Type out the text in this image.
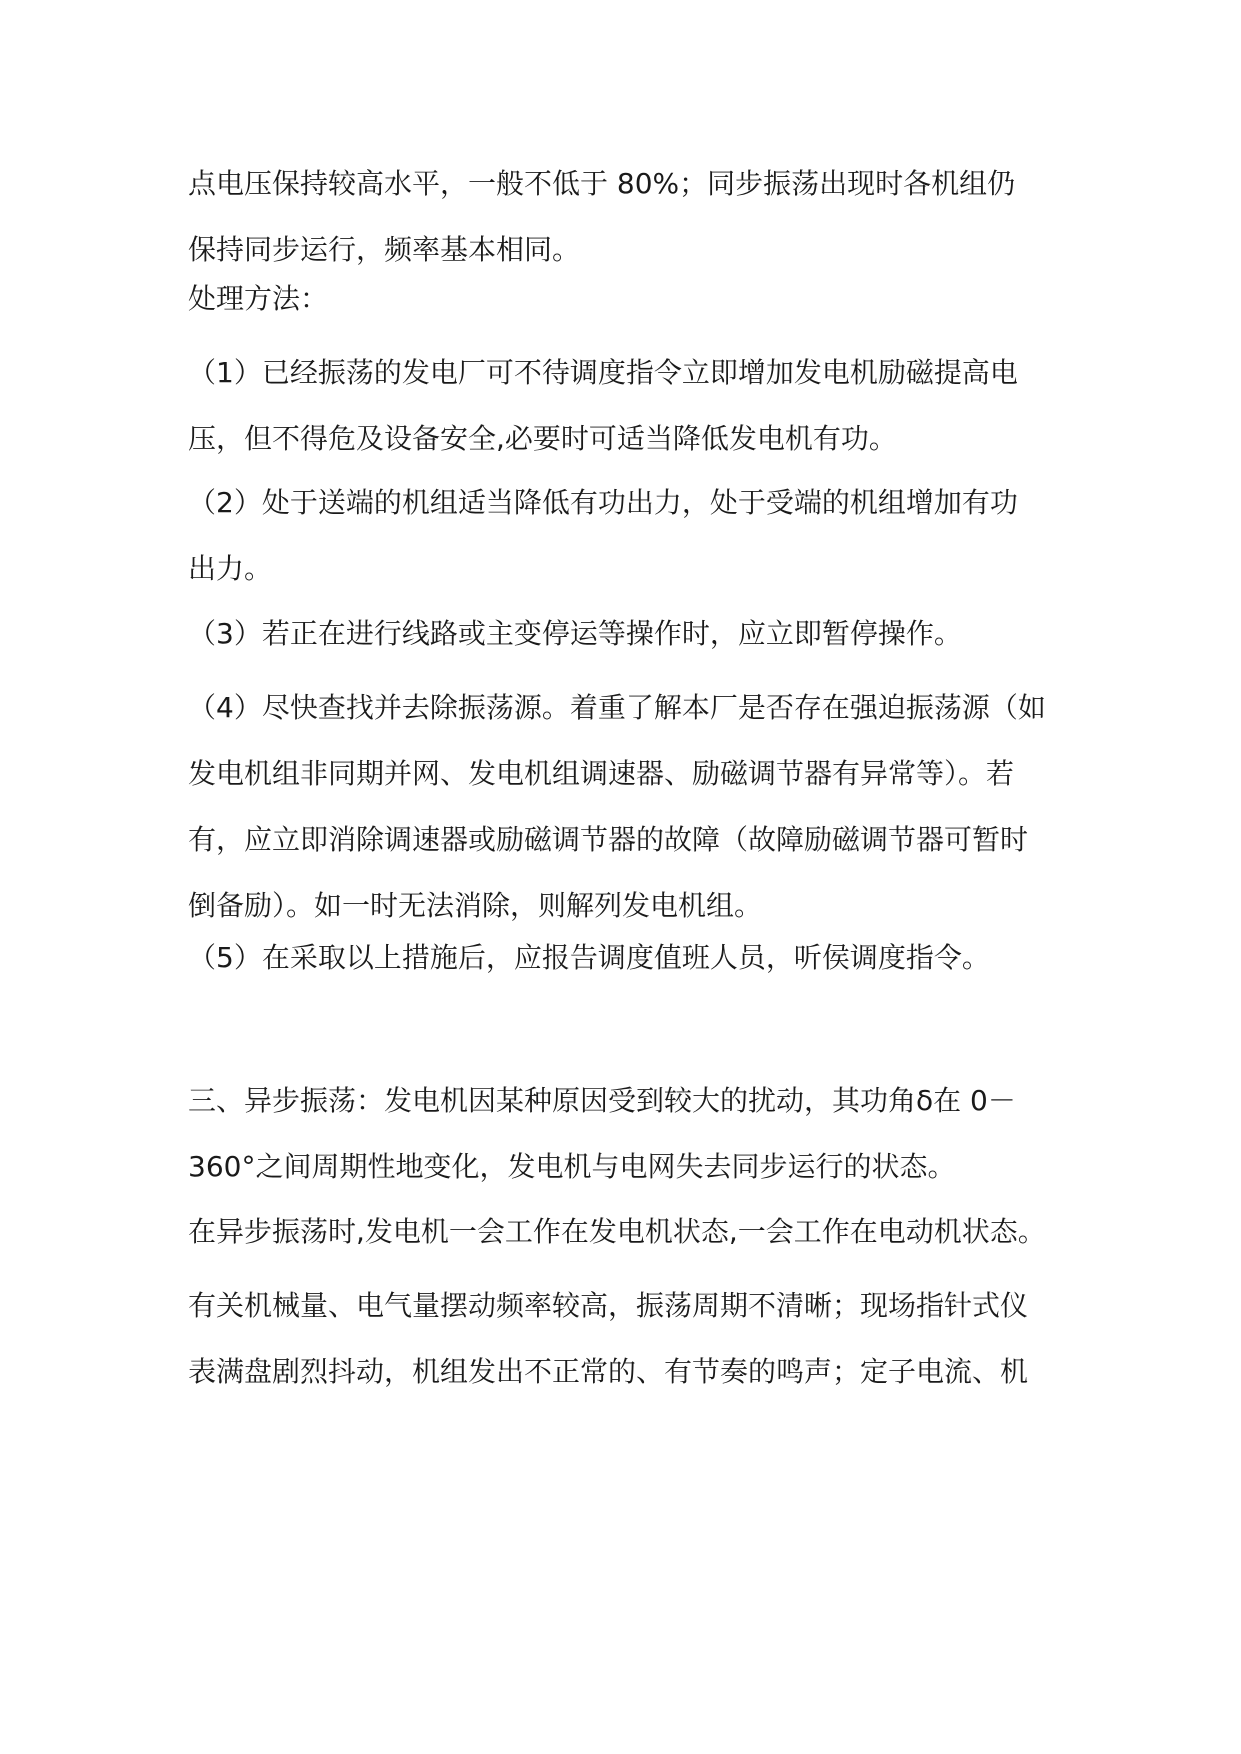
点电压保持较高水平，一般不低于 80%；同步振荡出现时各机组仍
保持同步运行，频率基本相同。
处理方法：
（1）已经振荡的发电厂可不待调度指令立即增加发电机励磁提高电
压，但不得危及设备安全,必要时可适当降低发电机有功。
（2）处于送端的机组适当降低有功出力，处于受端的机组增加有功
出力。
（3）若正在进行线路或主变停运等操作时，应立即暂停操作。
（4）尽快查找并去除振荡源。着重了解本厂是否存在强迫振荡源（如
发电机组非同期并网、发电机组调速器、励磁调节器有异常等）。若
有，应立即消除调速器或励磁调节器的故障（故障励磁调节器可暂时
倒备励）。如一时无法消除，则解列发电机组。
（5）在采取以上措施后，应报告调度值班人员，听侯调度指令。
三、异步振荡：发电机因某种原因受到较大的扰动，其功角δ在 0－
360°之间周期性地变化，发电机与电网失去同步运行的状态。
在异步振荡时,发电机一会工作在发电机状态,一会工作在电动机状态。
有关机械量、电气量摆动频率较高，振荡周期不清晰；现场指针式仪
表满盘剧烈抖动，机组发出不正常的、有节奏的鸣声；定子电流、机
